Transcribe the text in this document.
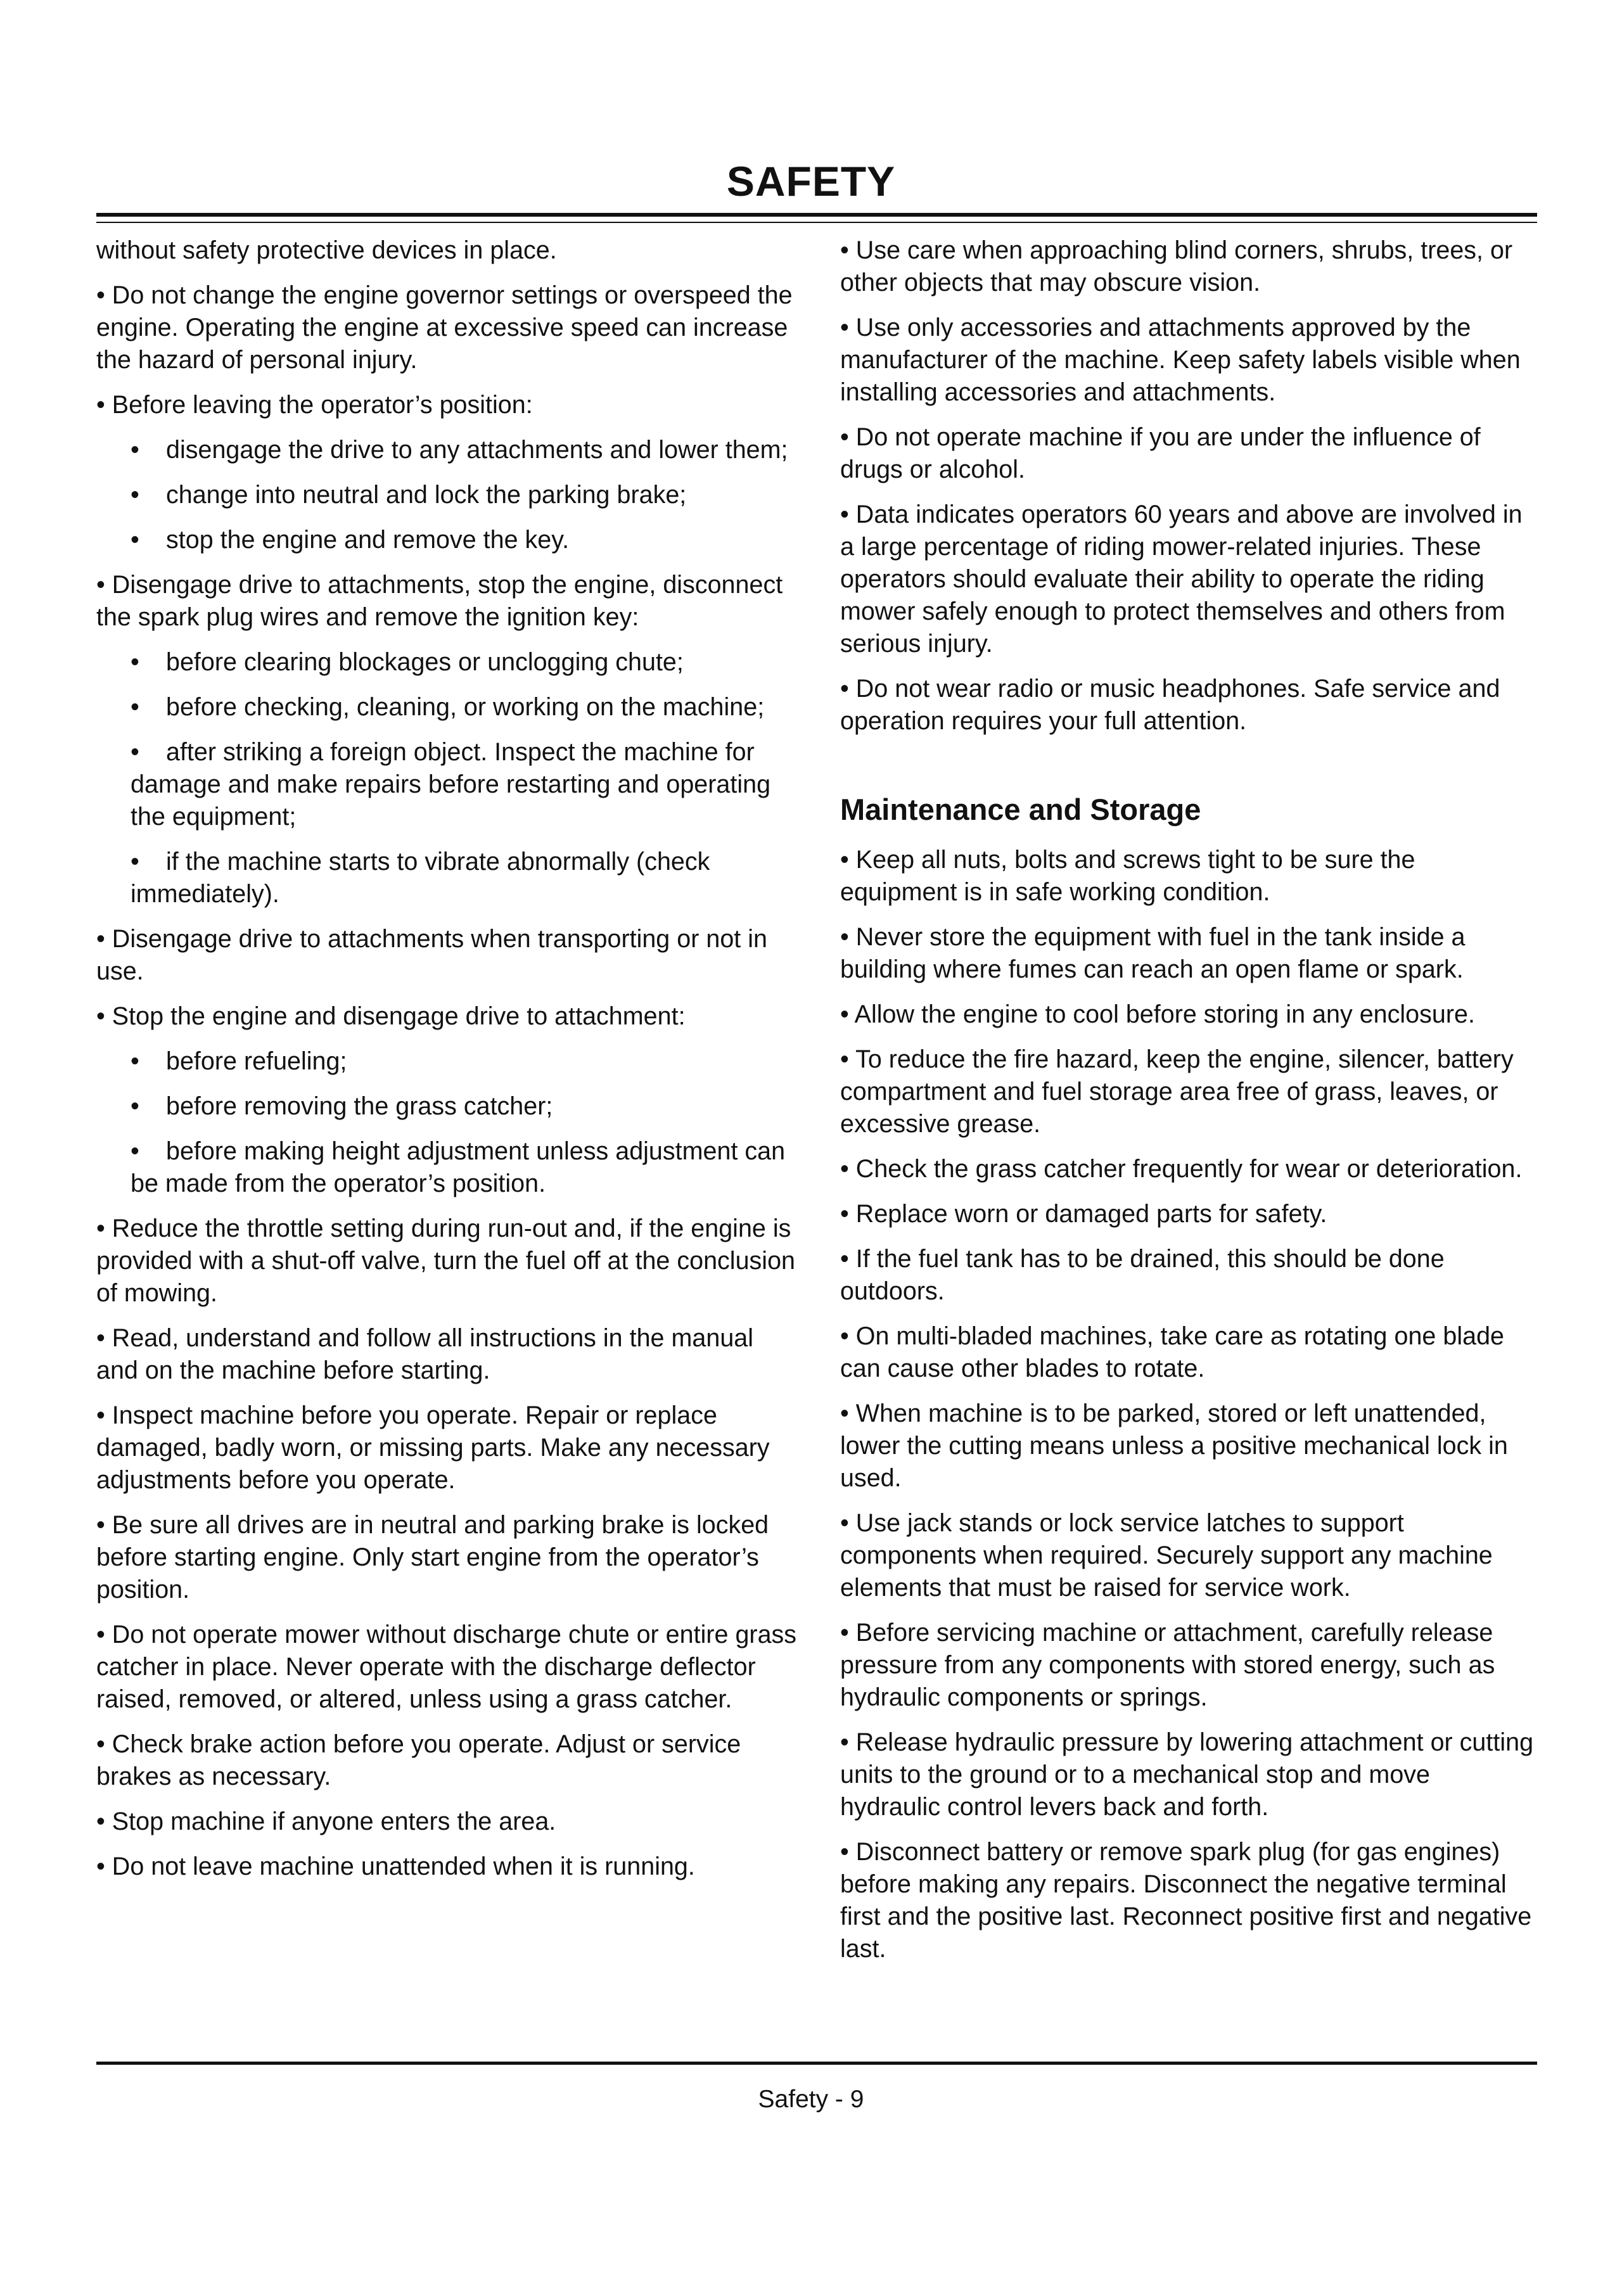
SAFETY

without safety protective devices in place.

• Do not change the engine governor settings or overspeed the engine. Operating the engine at excessive speed can increase the hazard of personal injury.

• Before leaving the operator’s position:

• disengage the drive to any attachments and lower them;
• change into neutral and lock the parking brake;
• stop the engine and remove the key.

• Disengage drive to attachments, stop the engine, disconnect the spark plug wires and remove the ignition key:

• before clearing blockages or unclogging chute;
• before checking, cleaning, or working on the machine;
• after striking a foreign object. Inspect the machine for damage and make repairs before restarting and operating the equipment;
• if the machine starts to vibrate abnormally (check immediately).

• Disengage drive to attachments when transporting or not in use.

• Stop the engine and disengage drive to attachment:

• before refueling;
• before removing the grass catcher;
• before making height adjustment unless adjustment can be made from the operator’s position.

• Reduce the throttle setting during run-out and, if the engine is provided with a shut-off valve, turn the fuel off at the conclusion of mowing.

• Read, understand and follow all instructions in the manual and on the machine before starting.

• Inspect machine before you operate. Repair or replace damaged, badly worn, or missing parts. Make any necessary adjustments before you operate.

• Be sure all drives are in neutral and parking brake is locked before starting engine. Only start engine from the operator’s position.

• Do not operate mower without discharge chute or entire grass catcher in place. Never operate with the discharge deflector raised, removed, or altered, unless using a grass catcher.

• Check brake action before you operate. Adjust or service brakes as necessary.

• Stop machine if anyone enters the area.

• Do not leave machine unattended when it is running.

• Use care when approaching blind corners, shrubs, trees, or other objects that may obscure vision.

• Use only accessories and attachments approved by the manufacturer of the machine. Keep safety labels visible when installing accessories and attachments.

• Do not operate machine if you are under the influence of drugs or alcohol.

• Data indicates operators 60 years and above are involved in a large percentage of riding mower-related injuries. These operators should evaluate their ability to operate the riding mower safely enough to protect themselves and others from serious injury.

• Do not wear radio or music headphones. Safe service and operation requires your full attention.

Maintenance and Storage

• Keep all nuts, bolts and screws tight to be sure the equipment is in safe working condition.

• Never store the equipment with fuel in the tank inside a building where fumes can reach an open flame or spark.

• Allow the engine to cool before storing in any enclosure.

• To reduce the fire hazard, keep the engine, silencer, battery compartment and fuel storage area free of grass, leaves, or excessive grease.

• Check the grass catcher frequently for wear or deterioration.

• Replace worn or damaged parts for safety.

• If the fuel tank has to be drained, this should be done outdoors.

• On multi-bladed machines, take care as rotating one blade can cause other blades to rotate.

• When machine is to be parked, stored or left unattended, lower the cutting means unless a positive mechanical lock in used.

• Use jack stands or lock service latches to support components when required. Securely support any machine elements that must be raised for service work.

• Before servicing machine or attachment, carefully release pressure from any components with stored energy, such as hydraulic components or springs.

• Release hydraulic pressure by lowering attachment or cutting units to the ground or to a mechanical stop and move hydraulic control levers back and forth.

• Disconnect battery or remove spark plug (for gas engines) before making any repairs. Disconnect the negative terminal first and the positive last. Reconnect positive first and negative last.

Safety - 9
